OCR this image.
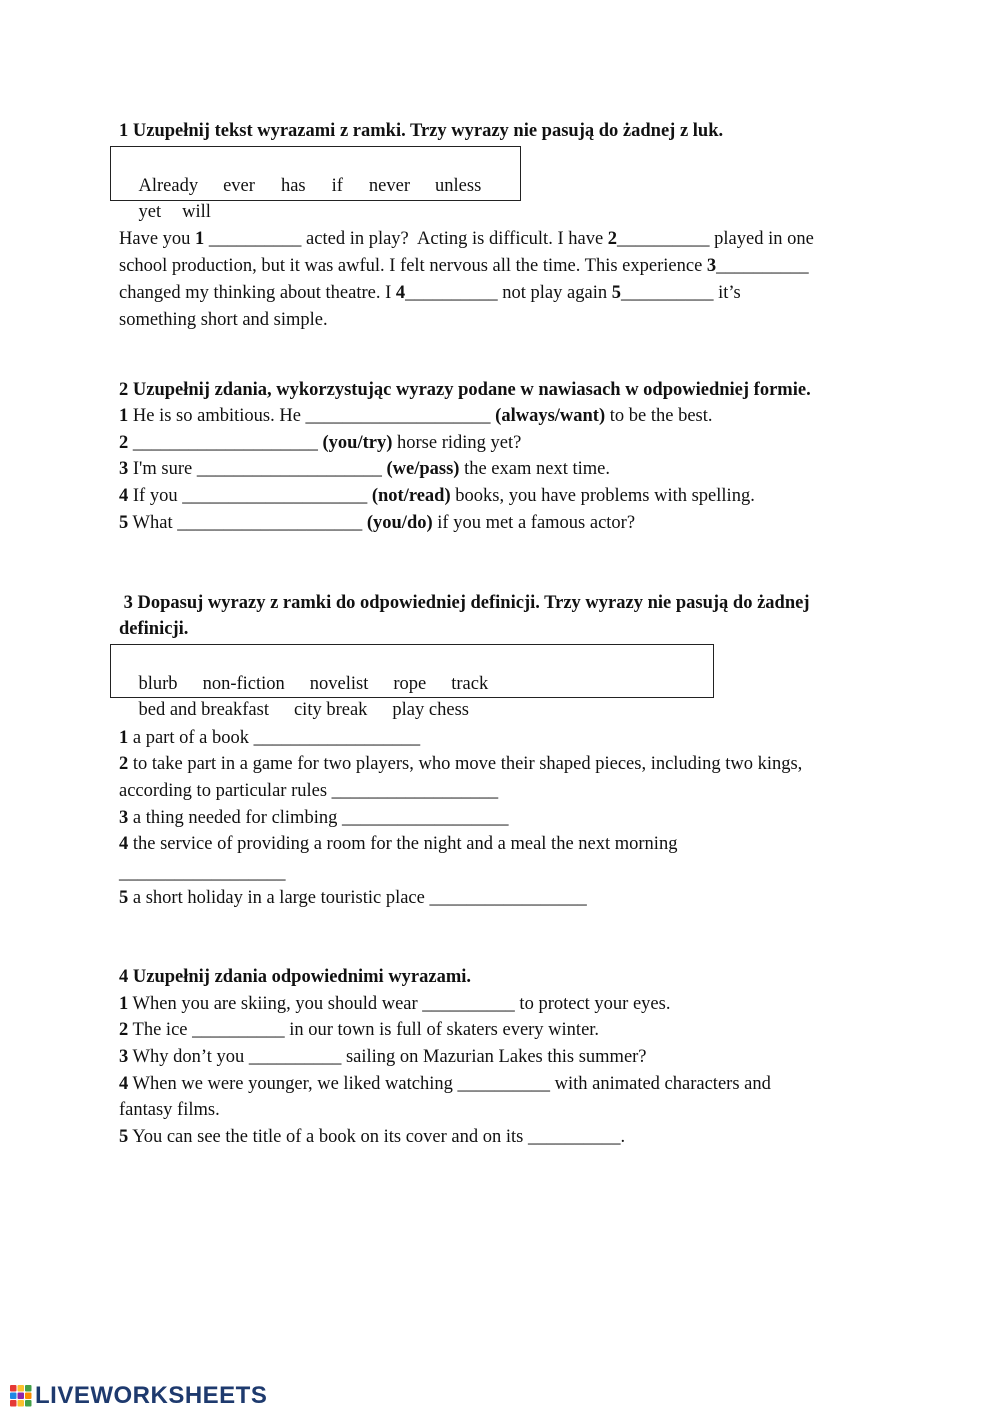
1 Uzupełnij tekst wyrazami z ramki. Trzy wyrazy nie pasują do żadnej z luk.

Already ever has if never unless

yet will

Have you 1 __________ acted in play?  Acting is difficult. I have 2__________ played in one
school production, but it was awful. I felt nervous all the time. This experience 3__________
changed my thinking about theatre. I 4__________ not play again 5__________ it’s
something short and simple.
2 Uzupełnij zdania, wykorzystując wyrazy podane w nawiasach w odpowiedniej formie.
1 He is so ambitious. He ____________________ (always/want) to be the best.
2 ____________________ (you/try) horse riding yet?
3 I'm sure ____________________ (we/pass) the exam next time.
4 If you ____________________ (not/read) books, you have problems with spelling.
5 What ____________________ (you/do) if you met a famous actor?
3 Dopasuj wyrazy z ramki do odpowiedniej definicji. Trzy wyrazy nie pasują do żadnej
definicji.

blurb non-fiction novelist rope track

bed and breakfast city break play chess

1 a part of a book __________________
2 to take part in a game for two players, who move their shaped pieces, including two kings,
according to particular rules __________________
3 a thing needed for climbing __________________
4 the service of providing a room for the night and a meal the next morning
__________________
5 a short holiday in a large touristic place _________________
4 Uzupełnij zdania odpowiednimi wyrazami.
1 When you are skiing, you should wear __________ to protect your eyes.
2 The ice __________ in our town is full of skaters every winter.
3 Why don’t you __________ sailing on Mazurian Lakes this summer?
4 When we were younger, we liked watching __________ with animated characters and
fantasy films.
5 You can see the title of a book on its cover and on its __________.
LIVEWORKSHEETS
